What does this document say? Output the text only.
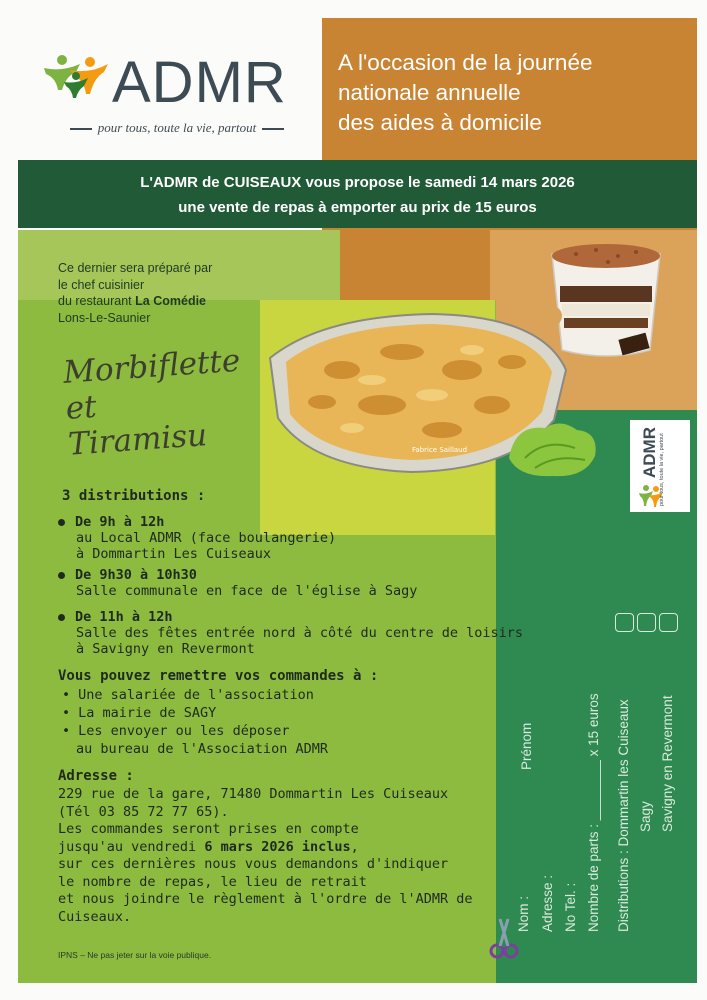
ADMR
pour tous, toute la vie, partout
A l'occasion de la journée
nationale annuelle
des aides à domicile
L'ADMR de CUISEAUX vous propose le samedi 14 mars 2026
une vente de repas à emporter au prix de 15 euros
Ce dernier sera préparé par
le chef cuisinier
du restaurant La Comédie
Lons-Le-Saunier
Morbiflette
et
Tiramisu	Fabrice Saillaud
3 distributions :
De 9h à 12h
au Local ADMR (face boulangerie)
à Dommartin Les Cuiseaux
De 9h30 à 10h30
Salle communale en face de l'église à Sagy
De 11h à 12h
Salle des fêtes entrée nord à côté du centre de loisirs
à Savigny en Revermont
Vous pouvez remettre vos commandes à :
• Une salariée de l'association
• La mairie de SAGY
• Les envoyer ou les déposer
au bureau de l'Association ADMR
Adresse :
229 rue de la gare, 71480 Dommartin Les Cuiseaux
(Tél 03 85 72 77 65).
Les commandes seront prises en compte
jusqu'au vendredi 6 mars 2026 inclus,
sur ces dernières nous vous demandons d'indiquer
le nombre de repas, le lieu de retrait
et nous joindre le règlement à l'ordre de l'ADMR de Cuiseaux.
IPNS – Ne pas jeter sur la voie publique.
ADMR pour tous, toute la vie, partout
Nom :
Prénom
Adresse : No Tel. : Nombre de parts : ________ x 15 euros Distributions : Dommartin les Cuiseaux Sagy Savigny en Revermont
